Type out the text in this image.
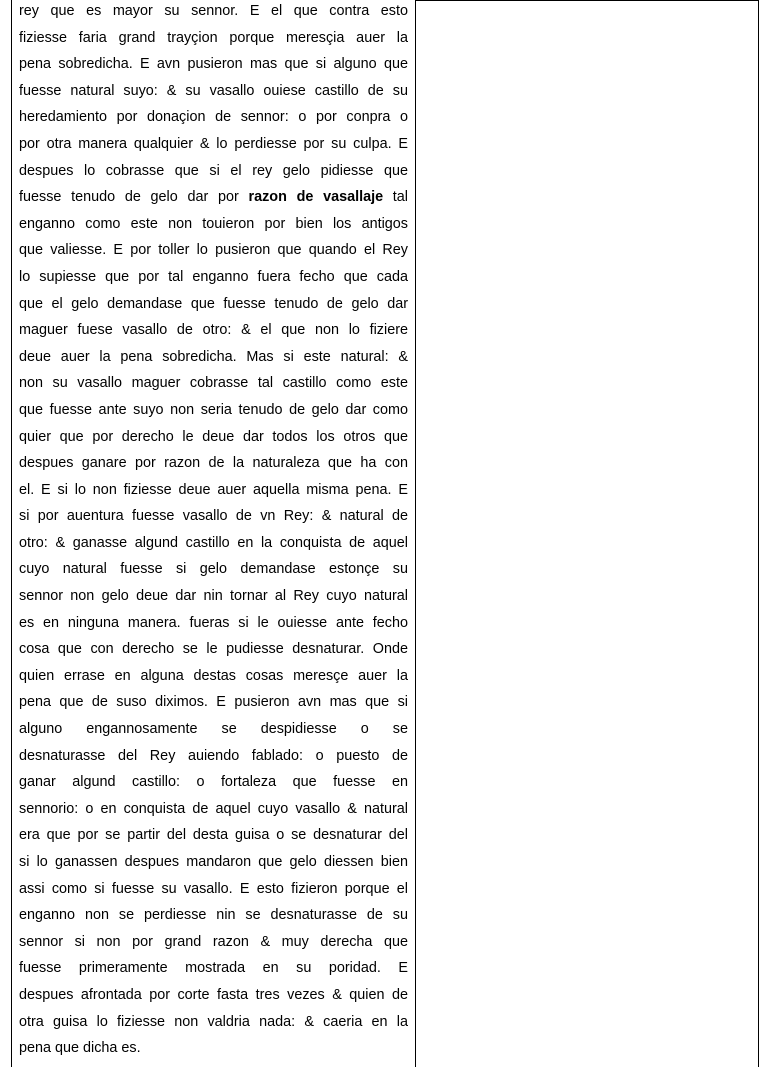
rey que es mayor su sennor. E el que contra esto
fiziesse faria grand trayçion porque meresçia auer la
pena sobredicha. E avn pusieron mas que si alguno que
fuesse natural suyo: & su vasallo ouiese castillo de su
heredamiento por donaçion de sennor: o por conpra o
por otra manera qualquier & lo perdiesse por su culpa. E
despues lo cobrasse que si el rey gelo pidiesse que
fuesse tenudo de gelo dar por razon de vasallaje tal
enganno como este non touieron por bien los antigos
que valiesse. E por toller lo pusieron que quando el Rey
lo supiesse que por tal enganno fuera fecho que cada
que el gelo demandase que fuesse tenudo de gelo dar
maguer fuese vasallo de otro: & el que non lo fiziere
deue auer la pena sobredicha. Mas si este natural: &
non su vasallo maguer cobrasse tal castillo como este
que fuesse ante suyo non seria tenudo de gelo dar como
quier que por derecho le deue dar todos los otros que
despues ganare por razon de la naturaleza que ha con
el. E si lo non fiziesse deue auer aquella misma pena. E
si por auentura fuesse vasallo de vn Rey: & natural de
otro: & ganasse algund castillo en la conquista de aquel
cuyo natural fuesse si gelo demandase estonçe su
sennor non gelo deue dar nin tornar al Rey cuyo natural
es en ninguna manera. fueras si le ouiesse ante fecho
cosa que con derecho se le pudiesse desnaturar. Onde
quien errase en alguna destas cosas meresçe auer la
pena que de suso diximos. E pusieron avn mas que si
alguno engannosamente se despidiesse o se
desnaturasse del Rey auiendo fablado: o puesto de
ganar algund castillo: o fortaleza que fuesse en
sennorio: o en conquista de aquel cuyo vasallo & natural
era que por se partir del desta guisa o se desnaturar del
si lo ganassen despues mandaron que gelo diessen bien
assi como si fuesse su vasallo. E esto fizieron porque el
enganno non se perdiesse nin se desnaturasse de su
sennor si non por grand razon & muy derecha que
fuesse primeramente mostrada en su poridad. E
despues afrontada por corte fasta tres vezes & quien de
otra guisa lo fiziesse non valdria nada: & caeria en la
pena que dicha es.
